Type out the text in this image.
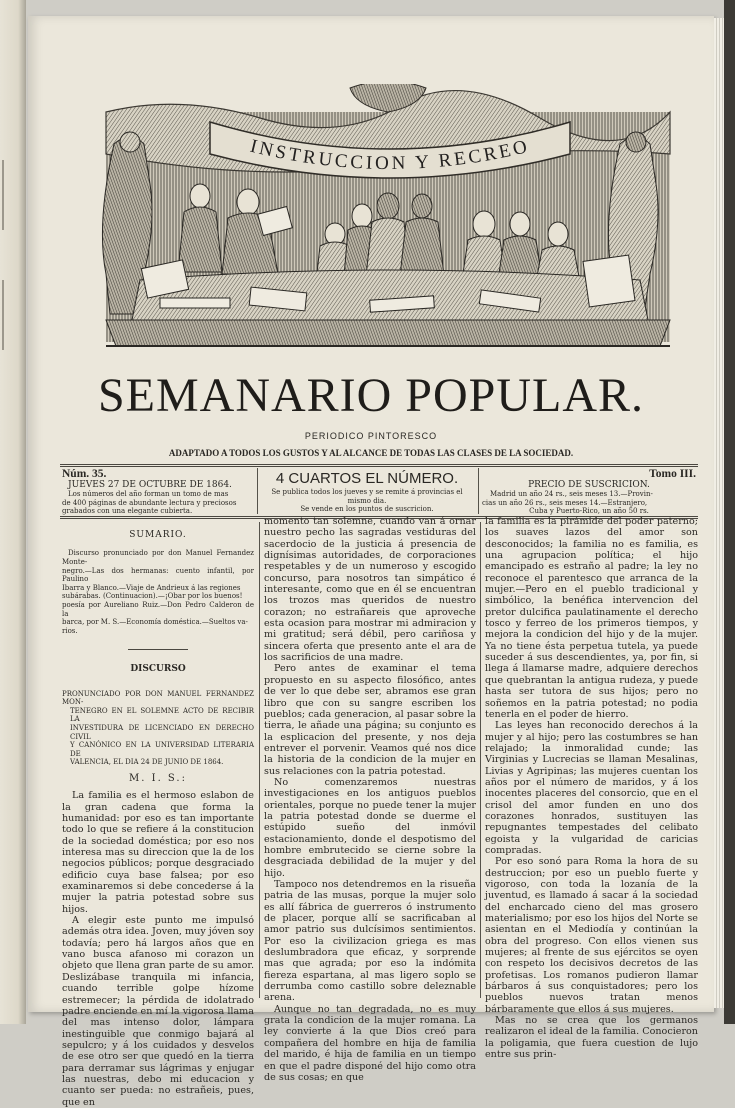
INSTRUCCION Y RECREO
SEMANARIO POPULAR.
PERIODICO PINTORESCO
ADAPTADO A TODOS LOS GUSTOS Y AL ALCANCE DE TODAS LAS CLASES DE LA SOCIEDAD.
Núm. 35.
JUEVES 27 DE OCTUBRE DE 1864.
Los números del año forman un tomo de mas
de 400 páginas de abundante lectura y preciosos
grabados con una elegante cubierta.
4 CUARTOS EL NÚMERO.
Se publica todos los jueves y se remite á provincias el mismo dia.
Se vende en los puntos de suscricion.
Tomo III.
PRECIO DE SUSCRICION.
Madrid un año 24 rs., seis meses 13.—Provin-
cias un año 26 rs., seis meses 14.—Estranjero,
Cuba y Puerto-Rico, un año 50 rs.
SUMARIO.
Discurso pronunciado por don Manuel Fernandez Monte-
negro.—Las dos hermanas: cuento infantil, por Paulino
Ibarra y Blanco.—Viaje de Andrieux á las regiones
subárabas. (Continuacion).—¡Obar por los buenos!
poesía por Aureliano Ruiz.—Don Pedro Calderon de la
barca, por M. S.—Economía doméstica.—Sueltos va-
rios.
DISCURSO
PRONUNCIADO POR DON MANUEL FERNANDEZ MON-
TENEGRO EN EL SOLEMNE ACTO DE RECIBIR LA
INVESTIDURA DE LICENCIADO EN DERECHO CIVIL
Y CANÓNICO EN LA UNIVERSIDAD LITERARIA DE
VALENCIA, EL DIA 24 DE JUNIO DE 1864.
M. I. S.:

La familia es el hermoso eslabon de la gran cadena que forma la humanidad: por eso es tan importante todo lo que se refiere á la constitucion de la sociedad doméstica; por eso nos interesa mas su direccion que la de los negocios públicos; porque desgraciado edificio cuya base falsea; por eso examinaremos si debe concederse á la mujer la patria potestad sobre sus hijos.

A elegir este punto me impulsó además otra idea. Joven, muy jóven soy todavía; pero há largos años que en vano busca afanoso mi corazon un objeto que llena gran parte de su amor. Deslizábase tranquila mi infancia, cuando terrible golpe hízome estremecer; la pérdida de idolatrado padre enciende en mí la vigorosa llama del mas intenso dolor, lámpara inestinguible que conmigo bajará al sepulcro; y á los cuidados y desvelos de ese otro ser que quedó en la tierra para derramar sus lágrimas y enjugar las nuestras, debo mi educacion y cuanto ser pueda: no estrañeis, pues, que en

momento tan solemne, cuando van á ornar nuestro pecho las sagradas vestiduras del sacerdocio de la justicia á presencia de dignísimas autoridades, de corporaciones respetables y de un numeroso y escogido concurso, para nosotros tan simpático é interesante, como que en él se encuentran los trozos mas queridos de nuestro corazon; no estrañareis que aproveche esta ocasion para mostrar mi admiracion y mi gratitud; será débil, pero cariñosa y sincera oferta que presento ante el ara de los sacrificios de una madre.

Pero antes de examinar el tema propuesto en su aspecto filosófico, antes de ver lo que debe ser, abramos ese gran libro que con su sangre escriben los pueblos; cada generacion, al pasar sobre la tierra, le añade una página; su conjunto es la esplicacion del presente, y nos deja entrever el porvenir. Veamos qué nos dice la historia de la condicion de la mujer en sus relaciones con la patria potestad.

No comenzaremos nuestras investigaciones en los antiguos pueblos orientales, porque no puede tener la mujer la patria potestad donde se duerme el estúpido sueño del inmóvil estacionamiento, donde el despotismo del hombre embrutecido se cierne sobre la desgraciada debilidad de la mujer y del hijo.

Tampoco nos detendremos en la risueña patria de las musas, porque la mujer solo es allí fábrica de guerreros ó instrumento de placer, porque allí se sacrificaban al amor patrio sus dulcísimos sentimientos. Por eso la civilizacion griega es mas deslumbradora que eficaz, y sorprende mas que agrada; por eso la indómita fiereza espartana, al mas ligero soplo se derrumba como castillo sobre deleznable arena.

Aunque no tan degradada, no es muy grata la condicion de la mujer romana. La ley convierte á la que Dios creó para compañera del hombre en hija de familia del marido, é hija de familia en un tiempo en que el padre disponé del hijo como otra de sus cosas; en que

la familia es la pirámide del poder paterno; los suaves lazos del amor son desconocidos; la familia no es familia, es una agrupacion política; el hijo emancipado es estraño al padre; la ley no reconoce el parentesco que arranca de la mujer.—Pero en el pueblo tradicional y simbólico, la benéfica intervencion del pretor dulcifica paulatinamente el derecho tosco y ferreo de los primeros tiempos, y mejora la condicion del hijo y de la mujer. Ya no tiene ésta perpetua tutela, ya puede suceder á sus descendientes, ya, por fin, si llega á llamarse madre, adquiere derechos que quebrantan la antigua rudeza, y puede hasta ser tutora de sus hijos; pero no soñemos en la patria potestad; no podia tenerla en el poder de hierro.

Las leyes han reconocido derechos á la mujer y al hijo; pero las costumbres se han relajado; la inmoralidad cunde; las Virginias y Lucrecias se llaman Mesalinas, Livias y Agripinas; las mujeres cuentan los años por el número de maridos, y á los inocentes placeres del consorcio, que en el crisol del amor funden en uno dos corazones honrados, sustituyen las repugnantes tempestades del celibato egoista y la vulgaridad de caricias compradas.

Por eso sonó para Roma la hora de su destruccion; por eso un pueblo fuerte y vigoroso, con toda la lozanía de la juventud, es llamado á sacar á la sociedad del encharcado cieno del mas grosero materialismo; por eso los hijos del Norte se asientan en el Mediodía y continúan la obra del progreso. Con ellos vienen sus mujeres; al frente de sus ejércitos se oyen con respeto los decisivos decretos de las profetisas. Los romanos pudieron llamar bárbaros á sus conquistadores; pero los pueblos nuevos tratan menos bárbaramente que ellos á sus mujeres.

Mas no se crea que los germanos realizaron el ideal de la familia. Conocieron la poligamia, que fuera cuestion de lujo entre sus prin-
